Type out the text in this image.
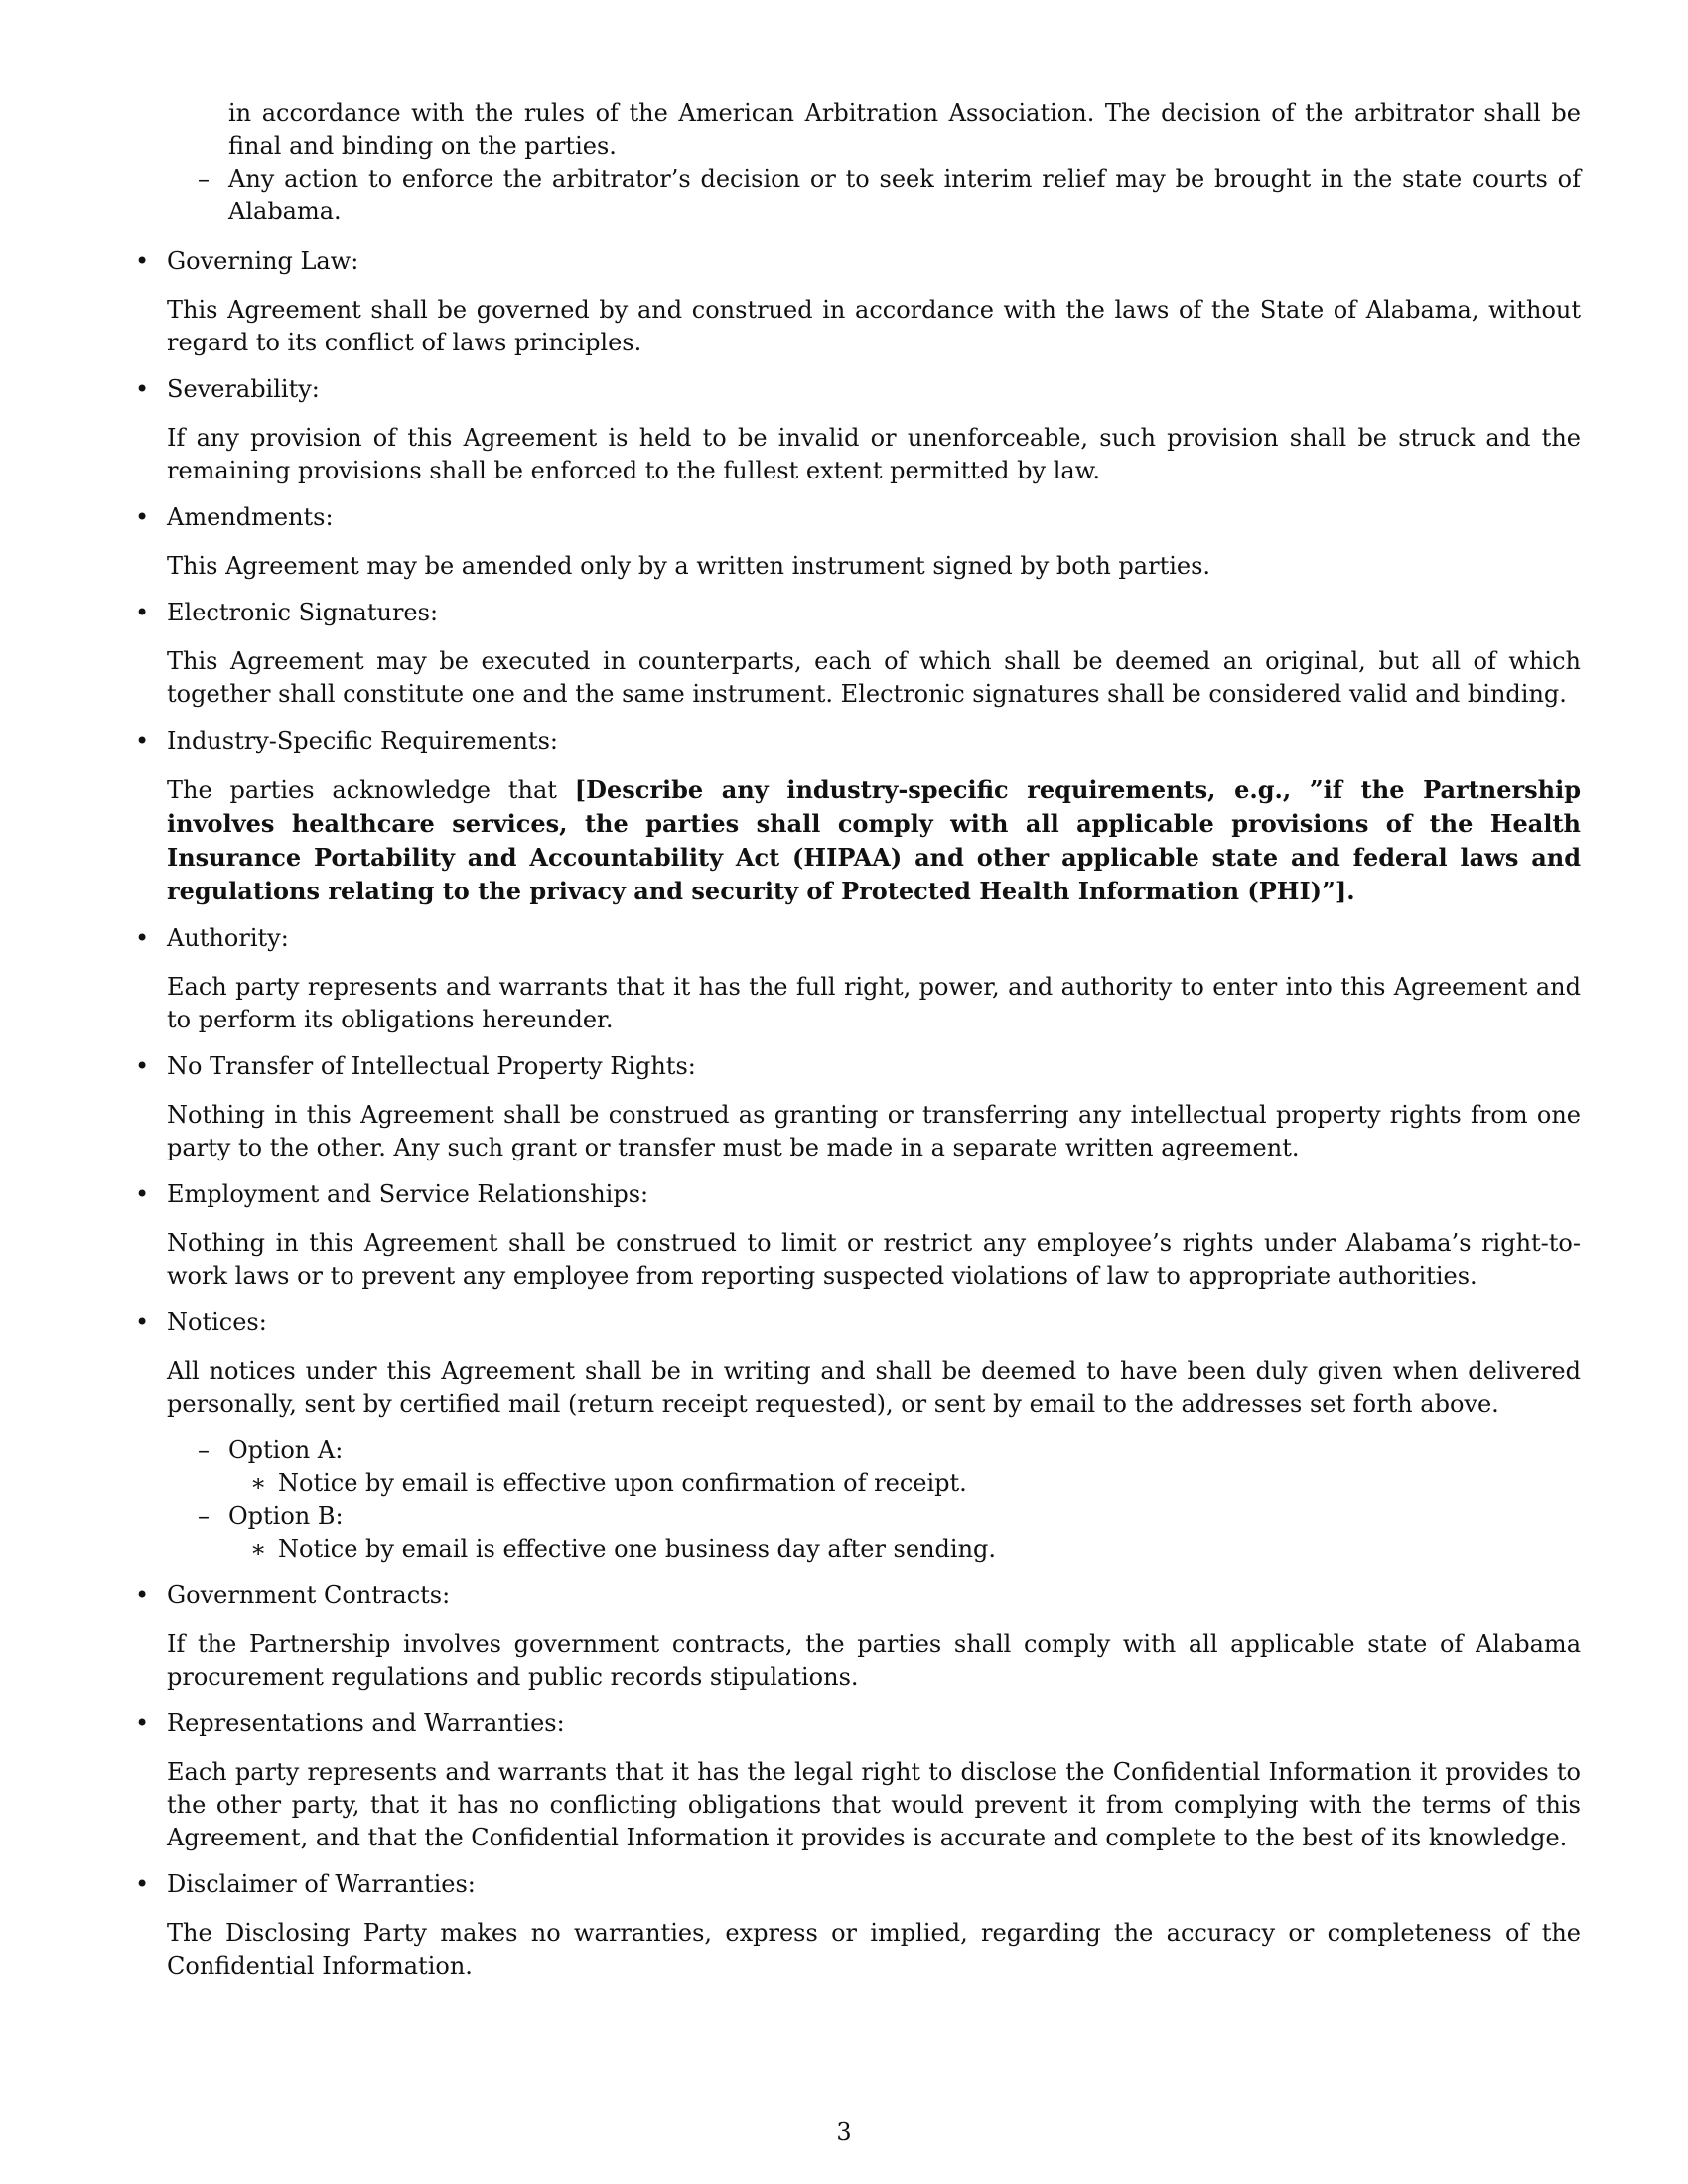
in accordance with the rules of the American Arbitration Association. The decision of the arbitrator shall be final and binding on the parties.

– Any action to enforce the arbitrator’s decision or to seek interim relief may be brought in the state courts of Alabama.
• Governing Law:

This Agreement shall be governed by and construed in accordance with the laws of the State of Alabama, without regard to its conflict of laws principles.

• Severability:

If any provision of this Agreement is held to be invalid or unenforceable, such provision shall be struck and the remaining provisions shall be enforced to the fullest extent permitted by law.

• Amendments:

This Agreement may be amended only by a written instrument signed by both parties.

• Electronic Signatures:

This Agreement may be executed in counterparts, each of which shall be deemed an original, but all of which together shall constitute one and the same instrument. Electronic signatures shall be considered valid and binding.

• Industry-Specific Requirements:

The parties acknowledge that [Describe any industry-specific requirements, e.g., ”if the Partnership involves healthcare services, the parties shall comply with all applicable provisions of the Health Insurance Portability and Accountability Act (HIPAA) and other applicable state and federal laws and regulations relating to the privacy and security of Protected Health Information (PHI)”].

• Authority:

Each party represents and warrants that it has the full right, power, and authority to enter into this Agreement and to perform its obligations hereunder.

• No Transfer of Intellectual Property Rights:

Nothing in this Agreement shall be construed as granting or transferring any intellectual property rights from one party to the other. Any such grant or transfer must be made in a separate written agreement.

• Employment and Service Relationships:

Nothing in this Agreement shall be construed to limit or restrict any employee’s rights under Alabama’s right-to-work laws or to prevent any employee from reporting suspected violations of law to appropriate authorities.

• Notices:

All notices under this Agreement shall be in writing and shall be deemed to have been duly given when delivered personally, sent by certified mail (return receipt requested), or sent by email to the addresses set forth above.

– Option A:
∗ Notice by email is effective upon confirmation of receipt.
– Option B:
∗ Notice by email is effective one business day after sending.
• Government Contracts:

If the Partnership involves government contracts, the parties shall comply with all applicable state of Alabama procurement regulations and public records stipulations.

• Representations and Warranties:

Each party represents and warrants that it has the legal right to disclose the Confidential Information it provides to the other party, that it has no conflicting obligations that would prevent it from complying with the terms of this Agreement, and that the Confidential Information it provides is accurate and complete to the best of its knowledge.

• Disclaimer of Warranties:

The Disclosing Party makes no warranties, express or implied, regarding the accuracy or completeness of the Confidential Information.

3
